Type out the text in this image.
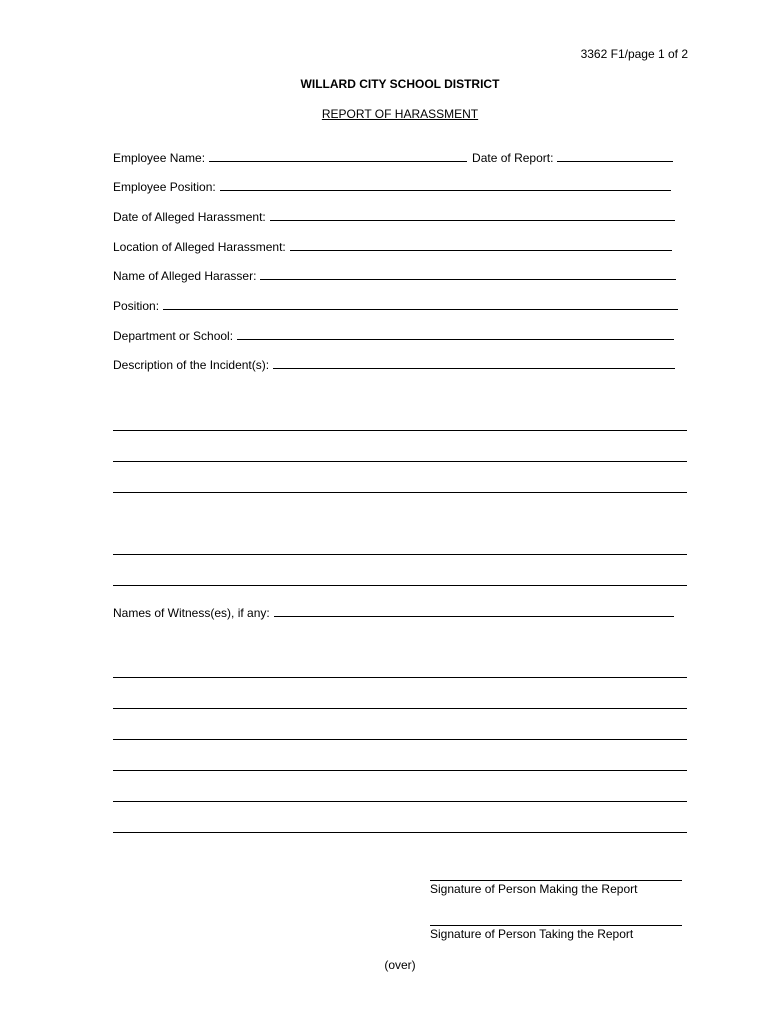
3362 F1/page 1 of 2
WILLARD CITY SCHOOL DISTRICT
REPORT OF HARASSMENT
Employee Name:	Date of Report:
Employee Position:
Date of Alleged Harassment:
Location of Alleged Harassment:
Name of Alleged Harasser:
Position:
Department or School:
Description of the Incident(s):
Names of Witness(es), if any:
Signature of Person Making the Report
Signature of Person Taking the Report
(over)
